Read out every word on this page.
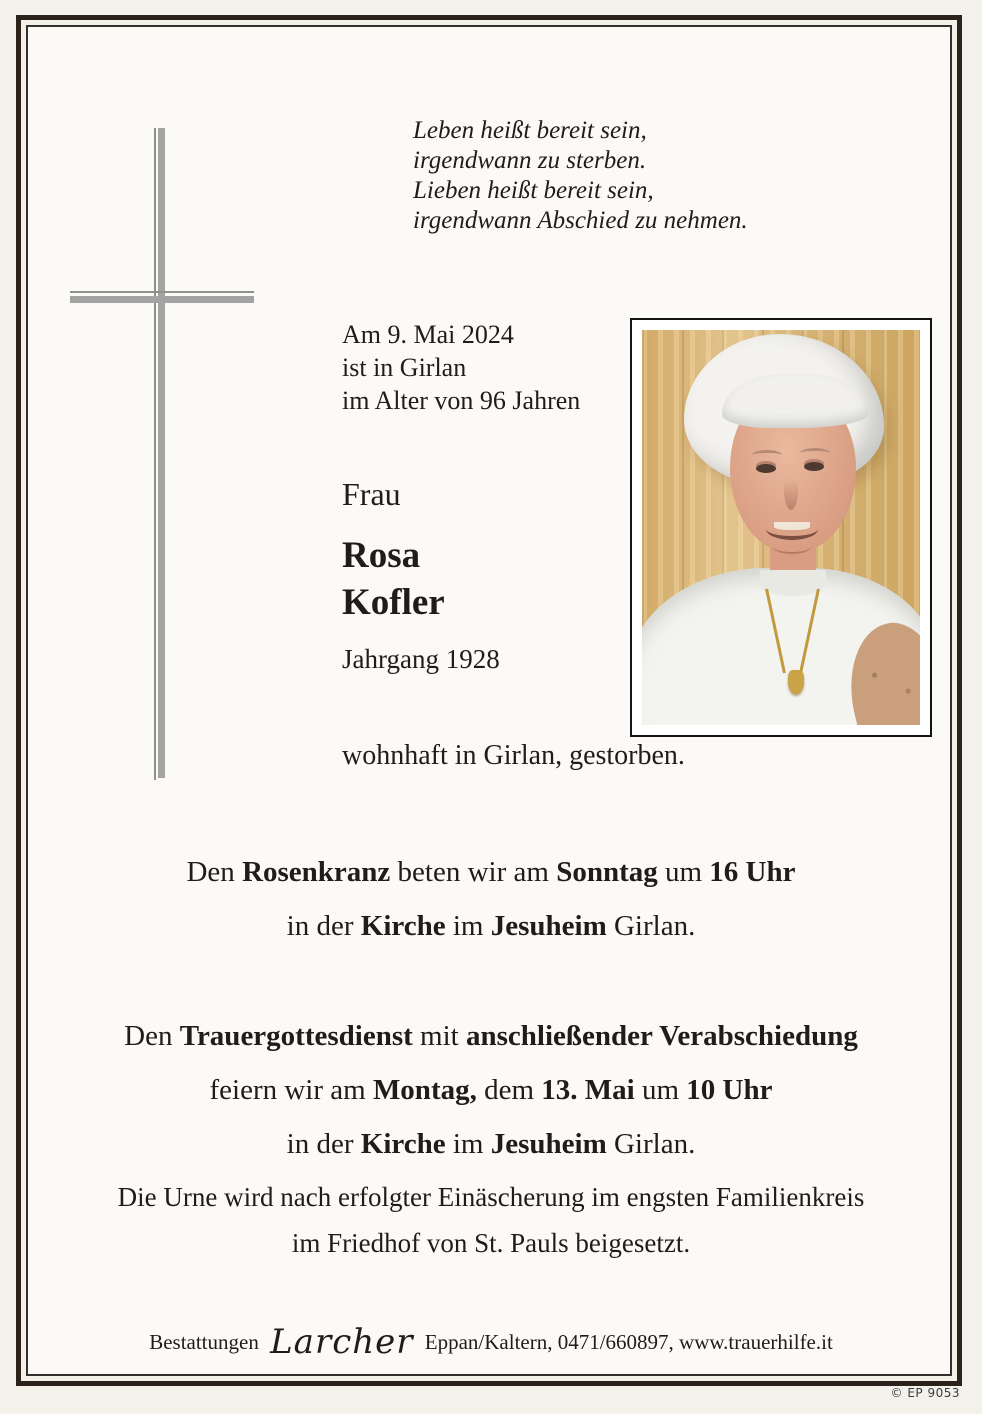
Leben heißt bereit sein,
irgendwann zu sterben.
Lieben heißt bereit sein,
irgendwann Abschied zu nehmen.
Am 9. Mai 2024
ist in Girlan
im Alter von 96 Jahren
Frau
Rosa
Kofler
Jahrgang 1928
wohnhaft in Girlan, gestorben.
Den Rosenkranz beten wir am Sonntag um 16 Uhr
in der Kirche im Jesuheim Girlan.
Den Trauergottesdienst mit anschließender Verabschiedung
feiern wir am Montag, dem 13. Mai um 10 Uhr
in der Kirche im Jesuheim Girlan.
Die Urne wird nach erfolgter Einäscherung im engsten Familienkreis
im Friedhof von St. Pauls beigesetzt.
Bestattungen Larcher Eppan/Kaltern, 0471/660897, www.trauerhilfe.it
© EP 9053
